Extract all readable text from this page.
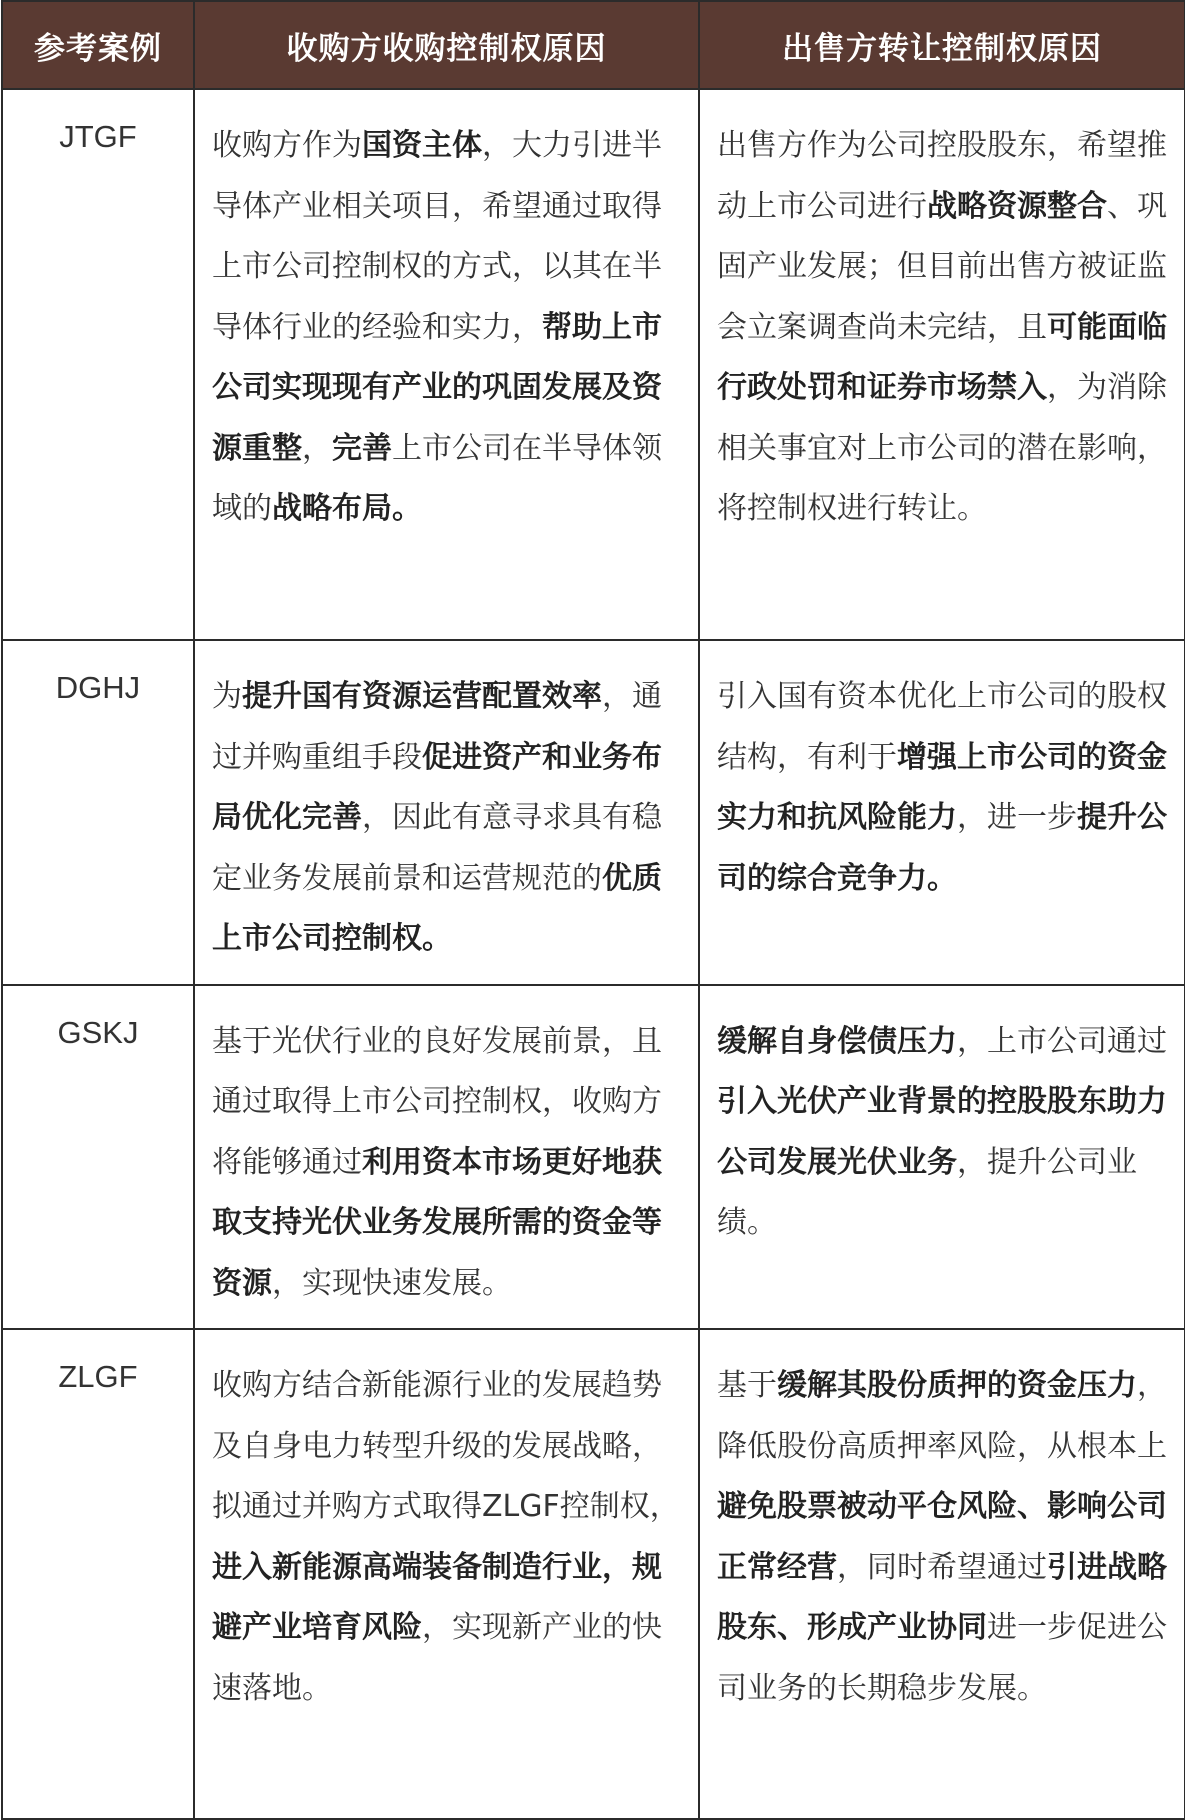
参考案例	收购方收购控制权原因	出售方转让控制权原因
JTGF	收购方作为国资主体，大力引进半导体产业相关项目，希望通过取得上市公司控制权的方式，以其在半导体行业的经验和实力，帮助上市公司实现现有产业的巩固发展及资源重整，完善上市公司在半导体领域的战略布局。	出售方作为公司控股股东，希望推动上市公司进行战略资源整合、巩固产业发展；但目前出售方被证监会立案调查尚未完结，且可能面临行政处罚和证券市场禁入，为消除相关事宜对上市公司的潜在影响，将控制权进行转让。
DGHJ	为提升国有资源运营配置效率，通过并购重组手段促进资产和业务布局优化完善，因此有意寻求具有稳定业务发展前景和运营规范的优质上市公司控制权。	引入国有资本优化上市公司的股权结构，有利于增强上市公司的资金实力和抗风险能力，进一步提升公司的综合竞争力。
GSKJ	基于光伏行业的良好发展前景，且通过取得上市公司控制权，收购方将能够通过利用资本市场更好地获取支持光伏业务发展所需的资金等资源，实现快速发展。	缓解自身偿债压力，上市公司通过引入光伏产业背景的控股股东助力公司发展光伏业务，提升公司业绩。
ZLGF	收购方结合新能源行业的发展趋势及自身电力转型升级的发展战略，拟通过并购方式取得ZLGF控制权，进入新能源高端装备制造行业，规避产业培育风险，实现新产业的快速落地。	基于缓解其股份质押的资金压力，降低股份高质押率风险，从根本上避免股票被动平仓风险、影响公司正常经营，同时希望通过引进战略股东、形成产业协同进一步促进公司业务的长期稳步发展。
